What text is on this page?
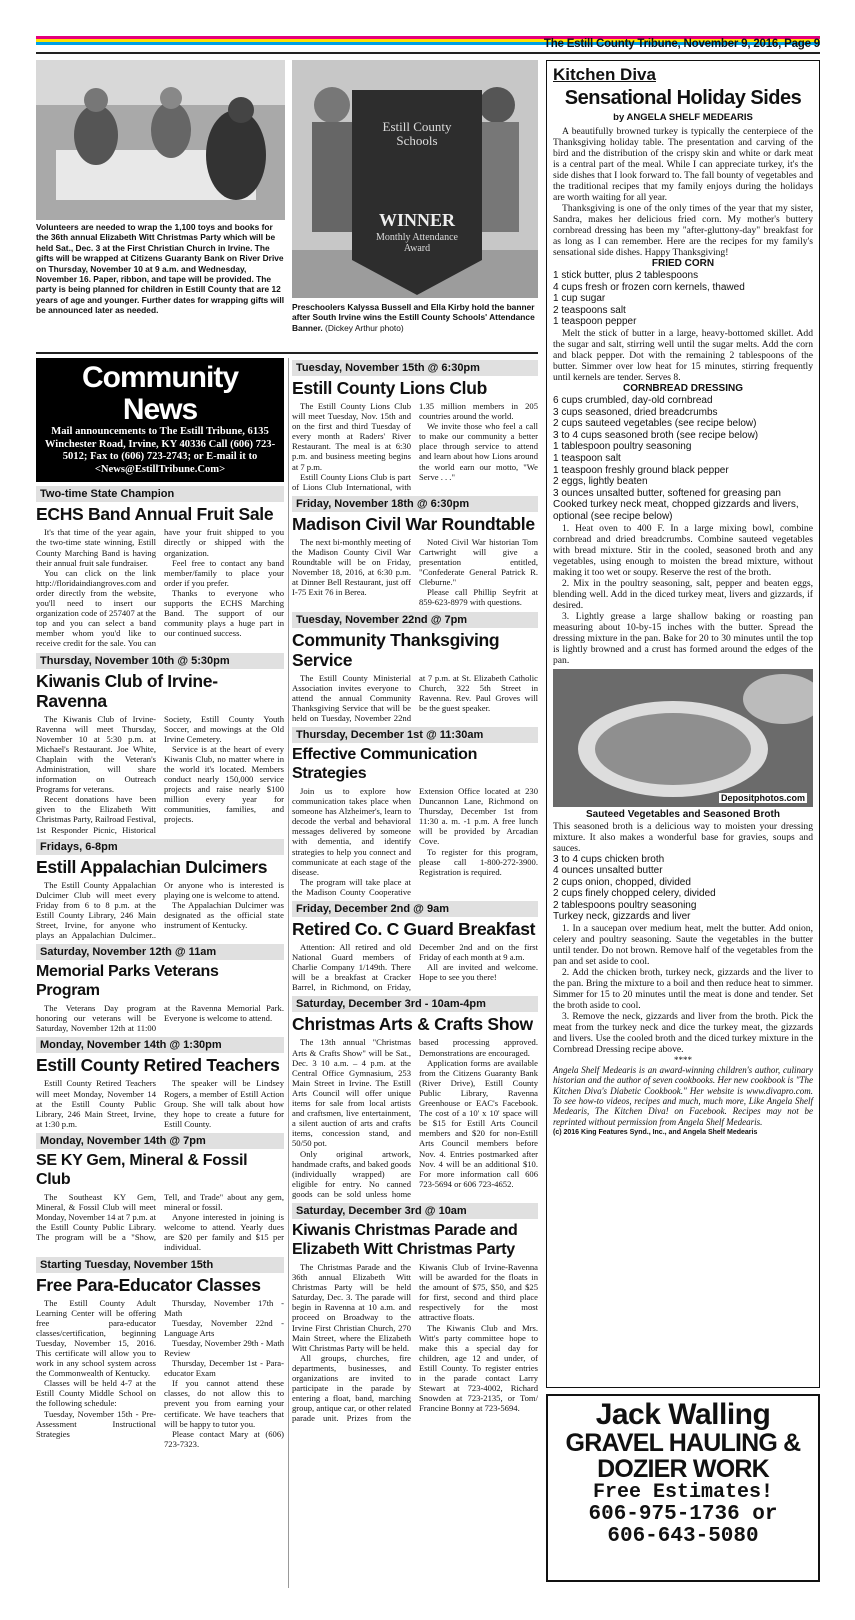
The Estill County Tribune, November 9, 2016, Page 9
Volunteers are needed to wrap the 1,100 toys and books for the 36th annual Elizabeth Witt Christmas Party which will be held Sat., Dec. 3 at the First Christian Church in Irvine. The gifts will be wrapped at Citizens Guaranty Bank on River Drive on Thursday, November 10 at 9 a.m. and Wednesday, November 16. Paper, ribbon, and tape will be provided. The party is being planned for children in Estill County that are 12 years of age and younger. Further dates for wrapping gifts will be announced later as needed.
Estill County Schools
WINNER
Monthly Attendance Award
Preschoolers Kalyssa Bussell and Ella Kirby hold the banner after South Irvine wins the Estill County Schools' Attendance Banner. (Dickey Arthur photo)
Community News
Mail announcements to The Estill Tribune, 6135 Winchester Road, Irvine, KY 40336 Call (606) 723-5012; Fax to (606) 723-2743; or E-mail it to <News@EstillTribune.Com>
Two-time State Champion
ECHS Band Annual Fruit Sale

It's that time of the year again, the two-time state winning, Estill County Marching Band is having their annual fruit sale fundraiser.

You can click on the link http://floridaindiangroves.com and order directly from the website, you'll need to insert our organization code of 257407 at the top and you can select a band member whom you'd like to receive credit for the sale. You can have your fruit shipped to you directly or shipped with the organization.

Feel free to contact any band member/family to place your order if you prefer.

Thanks to everyone who supports the ECHS Marching Band. The support of our community plays a huge part in our continued success.

Thursday, November 10th @ 5:30pm
Kiwanis Club of Irvine-Ravenna

The Kiwanis Club of Irvine-Ravenna will meet Thursday, November 10 at 5:30 p.m. at Michael's Restaurant. Joe White, Chaplain with the Veteran's Administration, will share information on Outreach Programs for veterans.

Recent donations have been given to the Elizabeth Witt Christmas Party, Railroad Festival, 1st Responder Picnic, Historical Society, Estill County Youth Soccer, and mowings at the Old Irvine Cemetery.

Service is at the heart of every Kiwanis Club, no matter where in the world it's located. Members conduct nearly 150,000 service projects and raise nearly $100 million every year for communities, families, and projects.

Fridays, 6-8pm
Estill Appalachian Dulcimers

The Estill County Appalachian Dulcimer Club will meet every Friday from 6 to 8 p.m. at the Estill County Library, 246 Main Street, Irvine, for anyone who plays an Appalachian Dulcimer.. Or anyone who is interested is playing one is welcome to attend.

The Appalachian Dulcimer was designated as the official state instrument of Kentucky.

Saturday, November 12th @ 11am
Memorial Parks Veterans Program

The Veterans Day program honoring our veterans will be Saturday, November 12th at 11:00 at the Ravenna Memorial Park. Everyone is welcome to attend.

Monday, November 14th @ 1:30pm
Estill County Retired Teachers

Estill County Retired Teachers will meet Monday, November 14 at the Estill County Public Library, 246 Main Street, Irvine, at 1:30 p.m.

The speaker will be Lindsey Rogers, a member of Estill Action Group. She will talk about how they hope to create a future for Estill County.

Monday, November 14th @ 7pm
SE KY Gem, Mineral & Fossil Club

The Southeast KY Gem, Mineral, & Fossil Club will meet Monday, November 14 at 7 p.m. at the Estill County Public Library. The program will be a "Show, Tell, and Trade" about any gem, mineral or fossil.

Anyone interested in joining is welcome to attend. Yearly dues are $20 per family and $15 per individual.

Starting Tuesday, November 15th
Free Para-Educator Classes

The Estill County Adult Learning Center will be offering free para-educator classes/certification, beginning Tuesday, November 15, 2016. This certificate will allow you to work in any school system across the Commonwealth of Kentucky.

Classes will be held 4-7 at the Estill County Middle School on the following schedule:

Tuesday, November 15th - Pre-Assessment Instructional Strategies

Thursday, November 17th - Math

Tuesday, November 22nd - Language Arts

Tuesday, November 29th - Math Review

Thursday, December 1st - Para-educator Exam

If you cannot attend these classes, do not allow this to prevent you from earning your certificate. We have teachers that will be happy to tutor you.

Please contact Mary at (606) 723-7323.

Tuesday, November 15th @ 6:30pm
Estill County Lions Club

The Estill County Lions Club will meet Tuesday, Nov. 15th and on the first and third Tuesday of every month at Raders' River Restaurant. The meal is at 6:30 p.m. and business meeting begins at 7 p.m.

Estill County Lions Club is part of Lions Club International, with 1.35 million members in 205 countries around the world.

We invite those who feel a call to make our community a better place through service to attend and learn about how Lions around the world earn our motto, "We Serve . . ."

Friday, November 18th @ 6:30pm
Madison Civil War Roundtable

The next bi-monthly meeting of the Madison County Civil War Roundtable will be on Friday, November 18, 2016, at 6:30 p.m. at Dinner Bell Restaurant, just off I-75 Exit 76 in Berea.

Noted Civil War historian Tom Cartwright will give a presentation entitled, "Confederate General Patrick R. Cleburne."

Please call Phillip Seyfrit at 859-623-8979 with questions.

Tuesday, November 22nd @ 7pm
Community Thanksgiving Service

The Estill County Ministerial Association invites everyone to attend the annual Community Thanksgiving Service that will be held on Tuesday, November 22nd at 7 p.m. at St. Elizabeth Catholic Church, 322 5th Street in Ravenna. Rev. Paul Groves will be the guest speaker.

Thursday, December 1st @ 11:30am
Effective Communication Strategies

Join us to explore how communication takes place when someone has Alzheimer's, learn to decode the verbal and behavioral messages delivered by someone with dementia, and identify strategies to help you connect and communicate at each stage of the disease.

The program will take place at the Madison County Cooperative Extension Office located at 230 Duncannon Lane, Richmond on Thursday, December 1st from 11:30 a. m. -1 p.m. A free lunch will be provided by Arcadian Cove.

To register for this program, please call 1-800-272-3900. Registration is required.

Friday, December 2nd @ 9am
Retired Co. C Guard Breakfast

Attention: All retired and old National Guard members of Charlie Company 1/149th. There will be a breakfast at Cracker Barrel, in Richmond, on Friday, December 2nd and on the first Friday of each month at 9 a.m.

All are invited and welcome. Hope to see you there!

Saturday, December 3rd - 10am-4pm
Christmas Arts & Crafts Show

The 13th annual "Christmas Arts & Crafts Show" will be Sat., Dec. 3 10 a.m. – 4 p.m. at the Central Office Gymnasium, 253 Main Street in Irvine. The Estill Arts Council will offer unique items for sale from local artists and craftsmen, live entertainment, a silent auction of arts and crafts items, concession stand, and 50/50 pot.

Only original artwork, handmade crafts, and baked goods (individually wrapped) are eligible for entry. No canned goods can be sold unless home based processing approved. Demonstrations are encouraged.

Application forms are available from the Citizens Guaranty Bank (River Drive), Estill County Public Library, Ravenna Greenhouse or EAC's Facebook. The cost of a 10' x 10' space will be $15 for Estill Arts Council members and $20 for non-Estill Arts Council members before Nov. 4. Entries postmarked after Nov. 4 will be an additional $10. For more information call 606 723-5694 or 606 723-4652.

Saturday, December 3rd @ 10am
Kiwanis Christmas Parade and Elizabeth Witt Christmas Party

The Christmas Parade and the 36th annual Elizabeth Witt Christmas Party will be held Saturday, Dec. 3. The parade will begin in Ravenna at 10 a.m. and proceed on Broadway to the Irvine First Christian Church, 270 Main Street, where the Elizabeth Witt Christmas Party will be held.

All groups, churches, fire departments, businesses, and organizations are invited to participate in the parade by entering a float, band, marching group, antique car, or other related parade unit. Prizes from the Kiwanis Club of Irvine-Ravenna will be awarded for the floats in the amount of $75, $50, and $25 for first, second and third place respectively for the most attractive floats.

The Kiwanis Club and Mrs. Witt's party committee hope to make this a special day for children, age 12 and under, of Estill County. To register entries in the parade contact Larry Stewart at 723-4002, Richard Snowden at 723-2135, or Tom/ Francine Bonny at 723-5694.

Kitchen Diva
Sensational Holiday Sides
by ANGELA SHELF MEDEARIS

A beautifully browned turkey is typically the centerpiece of the Thanksgiving holiday table. The presentation and carving of the bird and the distribution of the crispy skin and white or dark meat is a central part of the meal. While I can appreciate turkey, it's the side dishes that I look forward to. The fall bounty of vegetables and the traditional recipes that my family enjoys during the holidays are worth waiting for all year.

Thanksgiving is one of the only times of the year that my sister, Sandra, makes her delicious fried corn. My mother's buttery cornbread dressing has been my "after-gluttony-day" breakfast for as long as I can remember. Here are the recipes for my family's sensational side dishes. Happy Thanksgiving!

FRIED CORN
1 stick butter, plus 2 tablespoons
4 cups fresh or frozen corn kernels, thawed
1 cup sugar
2 teaspoons salt
1 teaspoon pepper

Melt the stick of butter in a large, heavy-bottomed skillet. Add the sugar and salt, stirring well until the sugar melts. Add the corn and black pepper. Dot with the remaining 2 tablespoons of the butter. Simmer over low heat for 15 minutes, stirring frequently until kernels are tender. Serves 8.

CORNBREAD DRESSING
6 cups crumbled, day-old cornbread
3 cups seasoned, dried breadcrumbs
2 cups sauteed vegetables (see recipe below)
3 to 4 cups seasoned broth (see recipe below)
1 tablespoon poultry seasoning
1 teaspoon salt
1 teaspoon freshly ground black pepper
2 eggs, lightly beaten
3 ounces unsalted butter, softened for greasing pan
Cooked turkey neck meat, chopped gizzards and livers, optional (see recipe below)

1. Heat oven to 400 F. In a large mixing bowl, combine cornbread and dried breadcrumbs. Combine sauteed vegetables with bread mixture. Stir in the cooled, seasoned broth and any vegetables, using enough to moisten the bread mixture, without making it too wet or soupy. Reserve the rest of the broth.

2. Mix in the poultry seasoning, salt, pepper and beaten eggs, blending well. Add in the diced turkey meat, livers and gizzards, if desired.

3. Lightly grease a large shallow baking or roasting pan measuring about 10-by-15 inches with the butter. Spread the dressing mixture in the pan. Bake for 20 to 30 minutes until the top is lightly browned and a crust has formed around the edges of the pan.

Depositphotos.com
Sauteed Vegetables and Seasoned Broth

This seasoned broth is a delicious way to moisten your dressing mixture. It also makes a wonderful base for gravies, soups and sauces.

3 to 4 cups chicken broth
4 ounces unsalted butter
2 cups onion, chopped, divided
2 cups finely chopped celery, divided
2 tablespoons poultry seasoning
Turkey neck, gizzards and liver

1. In a saucepan over medium heat, melt the butter. Add onion, celery and poultry seasoning. Saute the vegetables in the butter until tender. Do not brown. Remove half of the vegetables from the pan and set aside to cool.

2. Add the chicken broth, turkey neck, gizzards and the liver to the pan. Bring the mixture to a boil and then reduce heat to simmer. Simmer for 15 to 20 minutes until the meat is done and tender. Set the broth aside to cool.

3. Remove the neck, gizzards and liver from the broth. Pick the meat from the turkey neck and dice the turkey meat, the gizzards and livers. Use the cooled broth and the diced turkey mixture in the Cornbread Dressing recipe above.

****
Angela Shelf Medearis is an award-winning children's author, culinary historian and the author of seven cookbooks. Her new cookbook is "The Kitchen Diva's Diabetic Cookbook." Her website is www.divapro.com. To see how-to videos, recipes and much, much more, Like Angela Shelf Medearis, The Kitchen Diva! on Facebook. Recipes may not be reprinted without permission from Angela Shelf Medearis.
(c) 2016 King Features Synd., Inc., and Angela Shelf Medearis
Jack Walling
GRAVEL HAULING &
DOZIER WORK
Free Estimates!
606-975-1736 or
606-643-5080
